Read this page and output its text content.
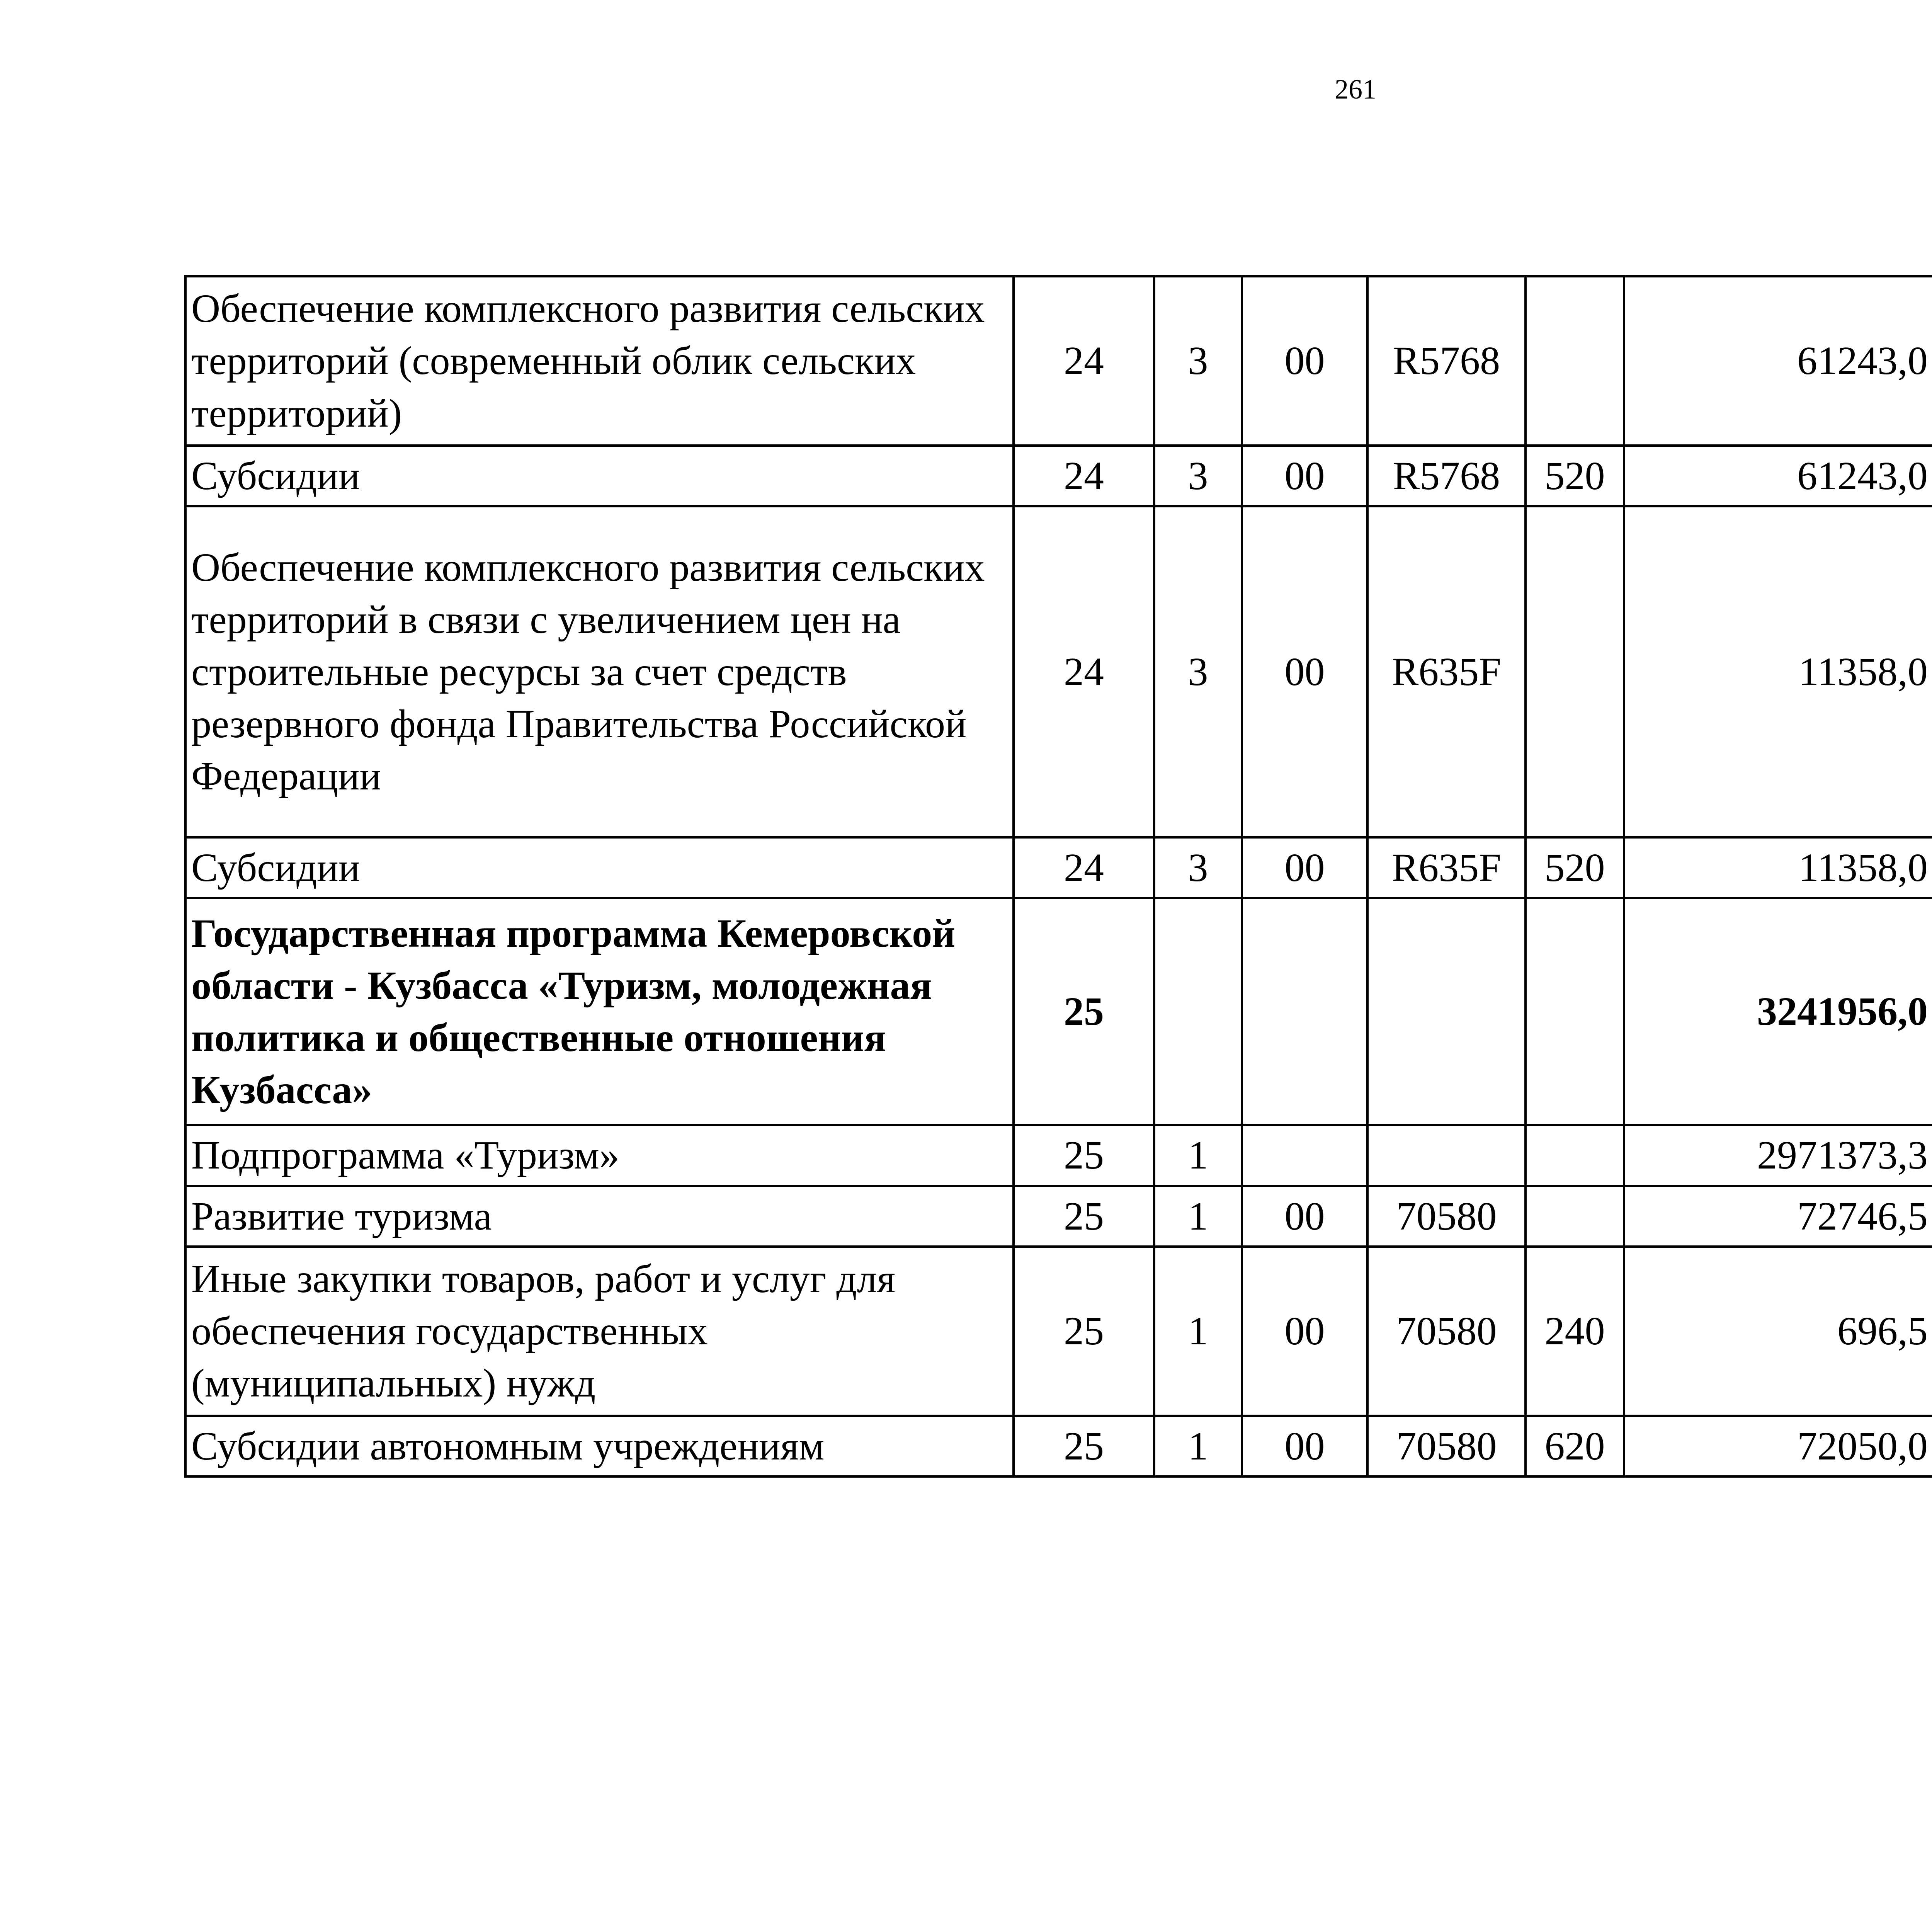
261
Обеспечение комплексного развития сельских территорий (современный облик сельских территорий)	24	3	00	R5768		61243,0		
Субсидии	24	3	00	R5768	520	61243,0		
Обеспечение комплексного развития сельских территорий в связи с увеличением цен на строительные ресурсы за счет средств резервного фонда Правительства Российской Федерации	24	3	00	R635F		11358,0		
Субсидии	24	3	00	R635F	520	11358,0		
Государственная программа Кемеровской области - Кузбасса «Туризм, молодежная политика и общественные отношения Кузбасса»	25					3241956,0		
Подпрограмма «Туризм»	25	1				2971373,3		
Развитие туризма	25	1	00	70580		72746,5		
Иные закупки товаров, работ и услуг для обеспечения государственных (муниципальных) нужд	25	1	00	70580	240	696,5		
Субсидии автономным учреждениям	25	1	00	70580	620	72050,0		
